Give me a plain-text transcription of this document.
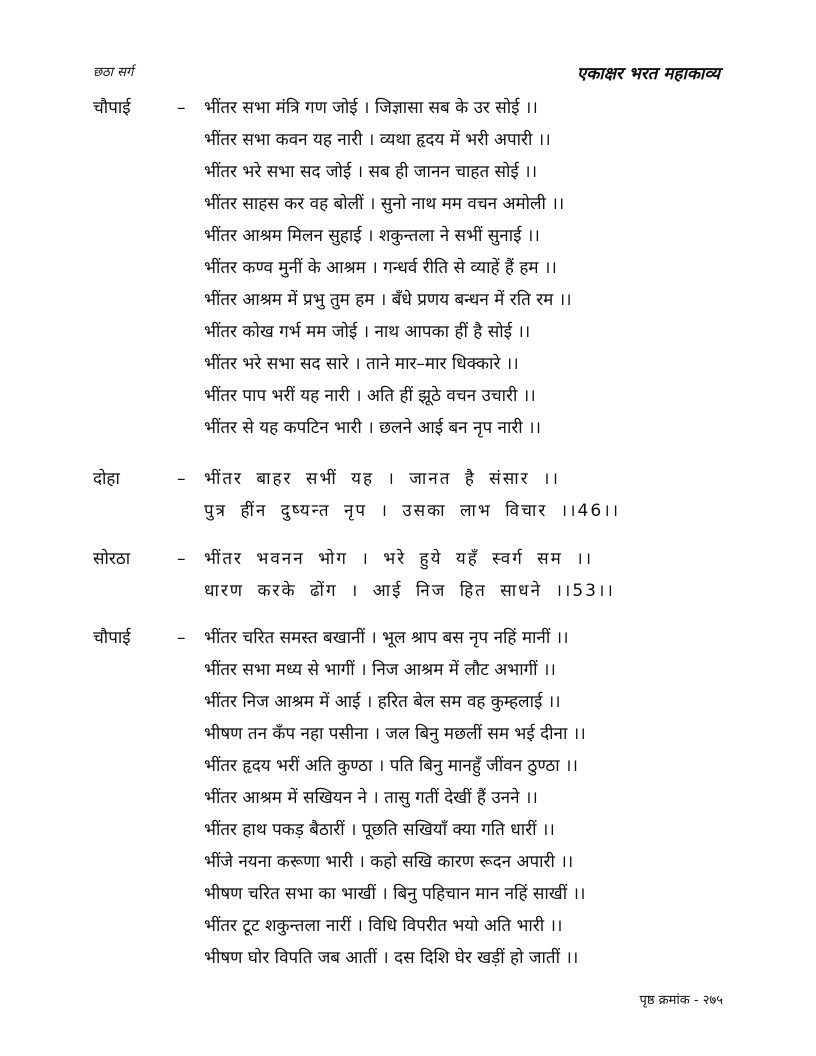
छठा सर्ग	एकाक्षर भरत महाकाव्य
चौपाई	– भींतर सभा मंत्रि गण जोई । जिज्ञासा सब के उर सोई ।।
भींतर सभा कवन यह नारी । व्यथा हृदय में भरी अपारी ।।
भींतर भरे सभा सद जोई । सब ही जानन चाहत सोई ।।
भींतर साहस कर वह बोलीं । सुनो नाथ मम वचन अमोली ।।
भींतर आश्रम मिलन सुहाई । शकुन्तला ने सभीं सुनाई ।।
भींतर कण्व मुनीं के आश्रम । गन्धर्व रीति से व्याहें हैं हम ।।
भींतर आश्रम में प्रभु तुम हम । बँधे प्रणय बन्धन में रति रम ।।
भींतर कोख गर्भ मम जोई । नाथ आपका हीं है सोई ।।
भींतर भरे सभा सद सारे । ताने मार–मार धिक्कारे ।।
भींतर पाप भरीं यह नारी । अति हीं झूठे वचन उचारी ।।
भींतर से यह कपटिन भारी । छलने आई बन नृप नारी ।।
दोहा	– भींतर बाहर सभीं यह । जानत है संसार ।।
पुत्र हींन दुष्यन्त नृप । उसका लाभ विचार ।।46।।
सोरठा	– भींतर भवनन भोग । भरे हुये यहँ स्वर्ग सम ।।
धारण करके ढोंग । आई निज हित साधने ।।53।।
चौपाई	– भींतर चरित समस्त बखानीं । भूल श्राप बस नृप नहिं मानीं ।।
भींतर सभा मध्य से भागीं । निज आश्रम में लौट अभागीं ।।
भींतर निज आश्रम में आई । हरित बेल सम वह कुम्हलाई ।।
भीषण तन कँप नहा पसीना । जल बिनु मछलीं सम भई दीना ।।
भींतर हृदय भरीं अति कुण्ठा । पति बिनु मानहुँ जींवन ठुण्ठा ।।
भींतर आश्रम में सखियन ने । तासु गतीं देखीं हैं उनने ।।
भींतर हाथ पकड़ बैठारीं । पूछति सखियाँ क्या गति धारीं ।।
भींजे नयना करूणा भारी । कहो सखि कारण रूदन अपारी ।।
भीषण चरित सभा का भाखीं । बिनु पहिचान मान नहिं साखीं ।।
भींतर टूट शकुन्तला नारीं । विधि विपरीत भयो अति भारी ।।
भीषण घोर विपति जब आतीं । दस दिशि घेर खड़ीं हो जातीं ।।
पृष्ठ क्रमांक - २७५
